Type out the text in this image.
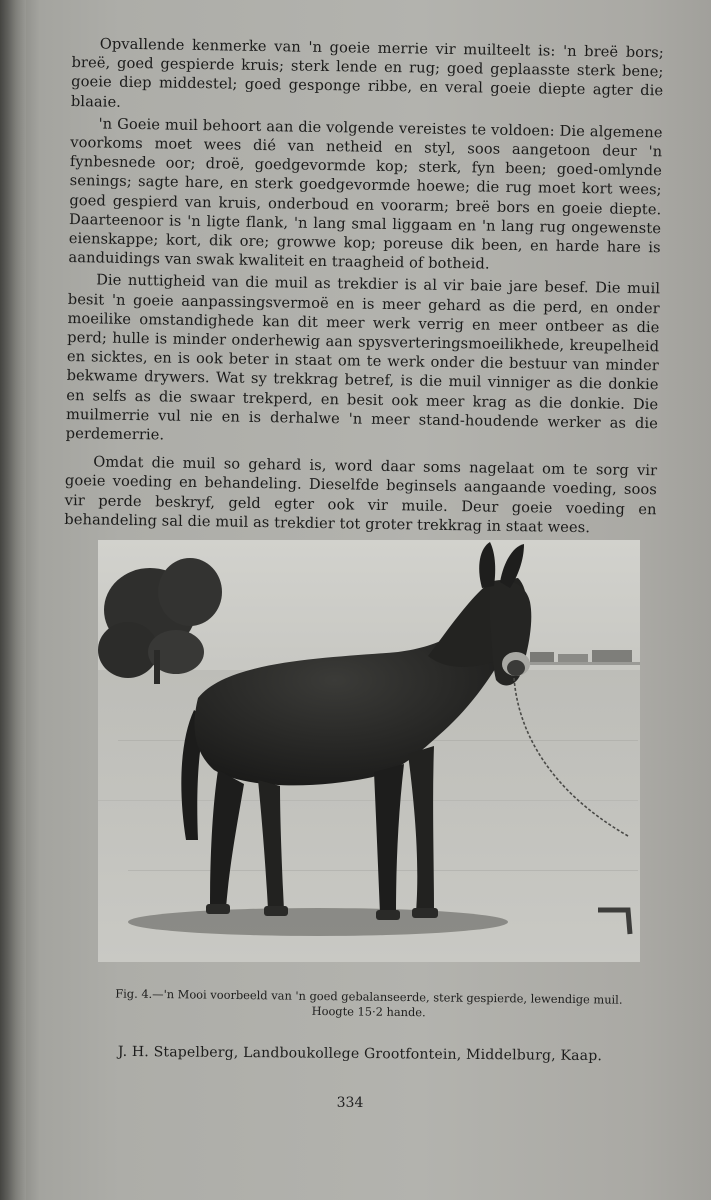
Opvallende kenmerke van 'n goeie merrie vir muilteelt is: 'n breë bors; breë, goed gespierde kruis; sterk lende en rug; goed geplaasste sterk bene; goeie diep middestel; goed gesponge ribbe, en veral goeie diepte agter die blaaie.

'n Goeie muil behoort aan die volgende vereistes te voldoen: Die algemene voorkoms moet wees dié van netheid en styl, soos aangetoon deur 'n fynbesnede oor; droë, goedgevormde kop; sterk, fyn been; goed-omlynde senings; sagte hare, en sterk goedgevormde hoewe; die rug moet kort wees; goed gespierd van kruis, onderboud en voorarm; breë bors en goeie diepte. Daarteenoor is 'n ligte flank, 'n lang smal liggaam en 'n lang rug ongewenste eienskappe; kort, dik ore; growwe kop; poreuse dik been, en harde hare is aanduidings van swak kwaliteit en traagheid of botheid.

Die nuttigheid van die muil as trekdier is al vir baie jare besef. Die muil besit 'n goeie aanpassingsvermoë en is meer gehard as die perd, en onder moeilike omstandighede kan dit meer werk verrig en meer ontbeer as die perd; hulle is minder onderhewig aan spysverteringsmoeilikhede, kreupelheid en sicktes, en is ook beter in staat om te werk onder die bestuur van minder bekwame drywers. Wat sy trekkrag betref, is die muil vinniger as die donkie en selfs as die swaar trekperd, en besit ook meer krag as die donkie. Die muilmerrie vul nie en is derhalwe 'n meer stand-houdende werker as die perdemerrie.

Omdat die muil so gehard is, word daar soms nagelaat om te sorg vir goeie voeding en behandeling. Dieselfde beginsels aangaande voeding, soos vir perde beskryf, geld egter ook vir muile. Deur goeie voeding en behandeling sal die muil as trekdier tot groter trekkrag in staat wees.

Fig. 4.—'n Mooi voorbeeld van 'n goed gebalanseerde, sterk gespierde, lewendige muil.
Hoogte 15·2 hande.
J. H. Stapelberg, Landboukollege Grootfontein, Middelburg, Kaap.
334
